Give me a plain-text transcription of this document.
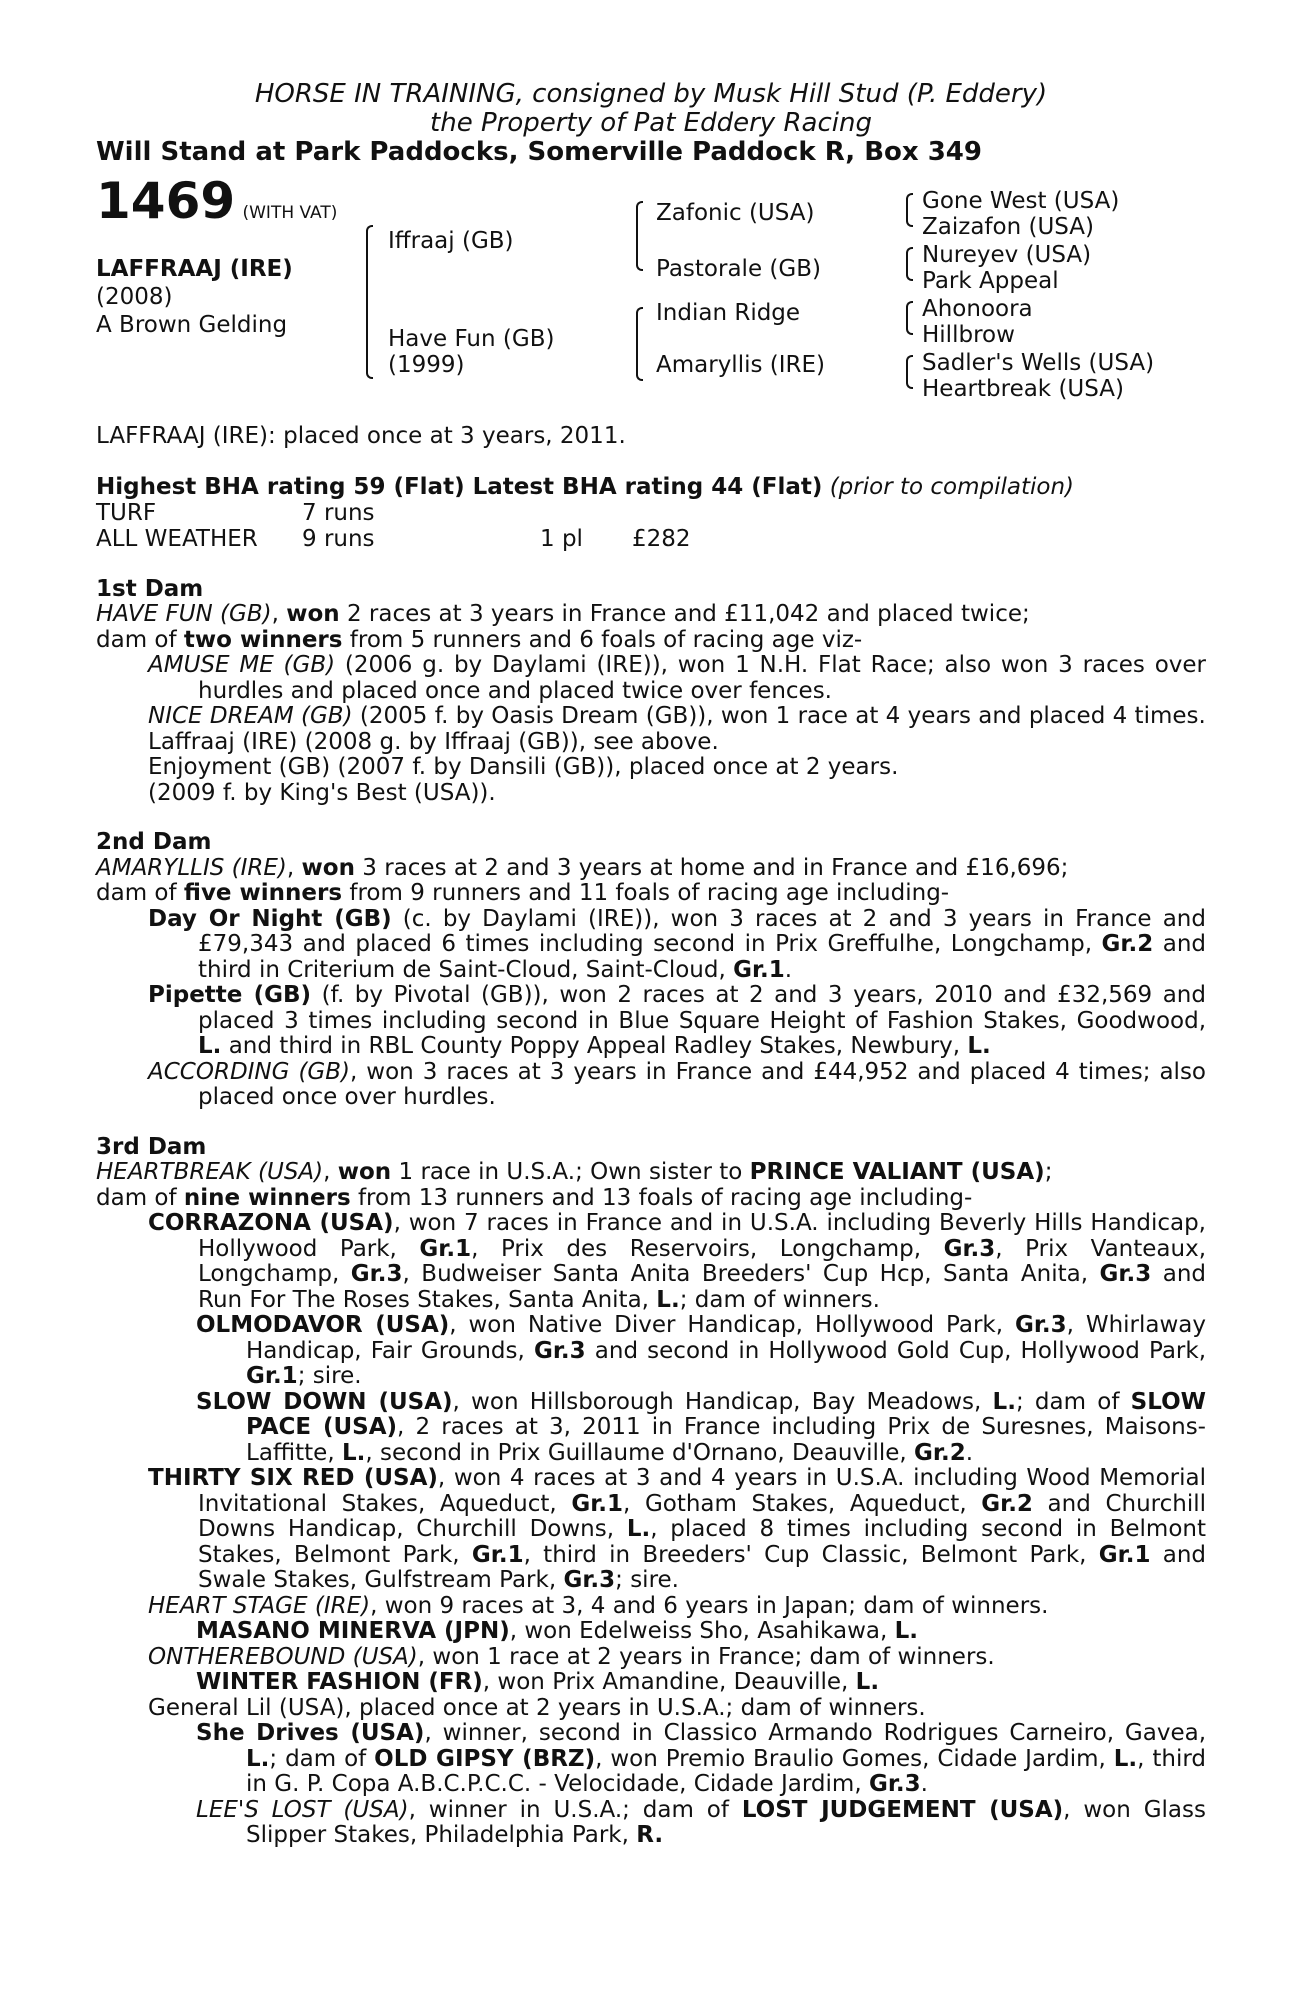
HORSE IN TRAINING, consigned by Musk Hill Stud (P. Eddery)
the Property of Pat Eddery Racing
Will Stand at Park Paddocks, Somerville Paddock R, Box 349
1469 (WITH VAT)
LAFFRAAJ (IRE)
(2008)
A Brown Gelding
Iffraaj (GB)
Have Fun (GB)
(1999)
Zafonic (USA)
Pastorale (GB)
Indian Ridge
Amaryllis (IRE)
Gone West (USA)
Zaizafon (USA)
Nureyev (USA)
Park Appeal
Ahonoora
Hillbrow
Sadler's Wells (USA)
Heartbreak (USA)
LAFFRAAJ (IRE): placed once at 3 years, 2011.
Highest BHA rating 59 (Flat) Latest BHA rating 44 (Flat) (prior to compilation)
TURF	7 runs
ALL WEATHER 9 runs	1 pl £282
1st Dam

HAVE FUN (GB), won 2 races at 3 years in France and £11,042 and placed twice;

dam of two winners from 5 runners and 6 foals of racing age viz-

AMUSE ME (GB) (2006 g. by Daylami (IRE)), won 1 N.H. Flat Race; also won 3 races over hurdles and placed once and placed twice over fences.

NICE DREAM (GB) (2005 f. by Oasis Dream (GB)), won 1 race at 4 years and placed 4 times.

Laffraaj (IRE) (2008 g. by Iffraaj (GB)), see above.

Enjoyment (GB) (2007 f. by Dansili (GB)), placed once at 2 years.

(2009 f. by King's Best (USA)).

2nd Dam

AMARYLLIS (IRE), won 3 races at 2 and 3 years at home and in France and £16,696;

dam of five winners from 9 runners and 11 foals of racing age including-

Day Or Night (GB) (c. by Daylami (IRE)), won 3 races at 2 and 3 years in France and £79,343 and placed 6 times including second in Prix Greffulhe, Longchamp, Gr.2 and third in Criterium de Saint-Cloud, Saint-Cloud, Gr.1.

Pipette (GB) (f. by Pivotal (GB)), won 2 races at 2 and 3 years, 2010 and £32,569 and placed 3 times including second in Blue Square Height of Fashion Stakes, Goodwood, L. and third in RBL County Poppy Appeal Radley Stakes, Newbury, L.

ACCORDING (GB), won 3 races at 3 years in France and £44,952 and placed 4 times; also placed once over hurdles.

3rd Dam

HEARTBREAK (USA), won 1 race in U.S.A.; Own sister to PRINCE VALIANT (USA);

dam of nine winners from 13 runners and 13 foals of racing age including-

CORRAZONA (USA), won 7 races in France and in U.S.A. including Beverly Hills Handicap, Hollywood Park, Gr.1, Prix des Reservoirs, Longchamp, Gr.3, Prix Vanteaux, Longchamp, Gr.3, Budweiser Santa Anita Breeders' Cup Hcp, Santa Anita, Gr.3 and Run For The Roses Stakes, Santa Anita, L.; dam of winners.

OLMODAVOR (USA), won Native Diver Handicap, Hollywood Park, Gr.3, Whirlaway Handicap, Fair Grounds, Gr.3 and second in Hollywood Gold Cup, Hollywood Park, Gr.1; sire.

SLOW DOWN (USA), won Hillsborough Handicap, Bay Meadows, L.; dam of SLOW PACE (USA), 2 races at 3, 2011 in France including Prix de Suresnes, Maisons-Laffitte, L., second in Prix Guillaume d'Ornano, Deauville, Gr.2.

THIRTY SIX RED (USA), won 4 races at 3 and 4 years in U.S.A. including Wood Memorial Invitational Stakes, Aqueduct, Gr.1, Gotham Stakes, Aqueduct, Gr.2 and Churchill Downs Handicap, Churchill Downs, L., placed 8 times including second in Belmont Stakes, Belmont Park, Gr.1, third in Breeders' Cup Classic, Belmont Park, Gr.1 and Swale Stakes, Gulfstream Park, Gr.3; sire.

HEART STAGE (IRE), won 9 races at 3, 4 and 6 years in Japan; dam of winners.

MASANO MINERVA (JPN), won Edelweiss Sho, Asahikawa, L.

ONTHEREBOUND (USA), won 1 race at 2 years in France; dam of winners.

WINTER FASHION (FR), won Prix Amandine, Deauville, L.

General Lil (USA), placed once at 2 years in U.S.A.; dam of winners.

She Drives (USA), winner, second in Classico Armando Rodrigues Carneiro, Gavea, L.; dam of OLD GIPSY (BRZ), won Premio Braulio Gomes, Cidade Jardim, L., third in G. P. Copa A.B.C.P.C.C. - Velocidade, Cidade Jardim, Gr.3.

LEE'S LOST (USA), winner in U.S.A.; dam of LOST JUDGEMENT (USA), won Glass Slipper Stakes, Philadelphia Park, R.
